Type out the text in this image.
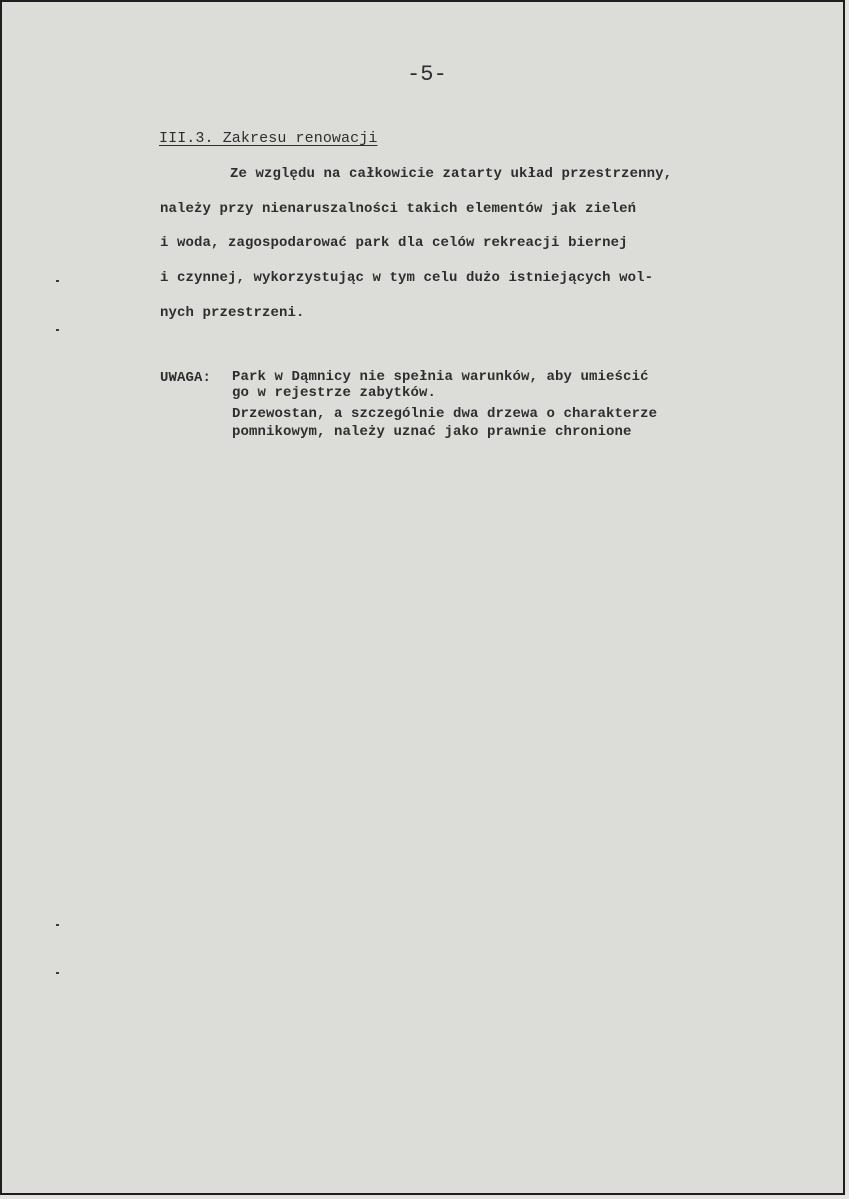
-5-
III.3. Zakresu renowacji
Ze względu na całkowicie zatarty układ przestrzenny,
należy przy nienaruszalności takich elementów jak zieleń
i woda, zagospodarować park dla celów rekreacji biernej
i czynnej, wykorzystując w tym celu dużo istniejących wol-
nych przestrzeni.
UWAGA: Park w Dąmnicy nie spełnia warunków, aby umieścić
go w rejestrze zabytków.
Drzewostan, a szczególnie dwa drzewa o charakterze
pomnikowym, należy uznać jako prawnie chronione
